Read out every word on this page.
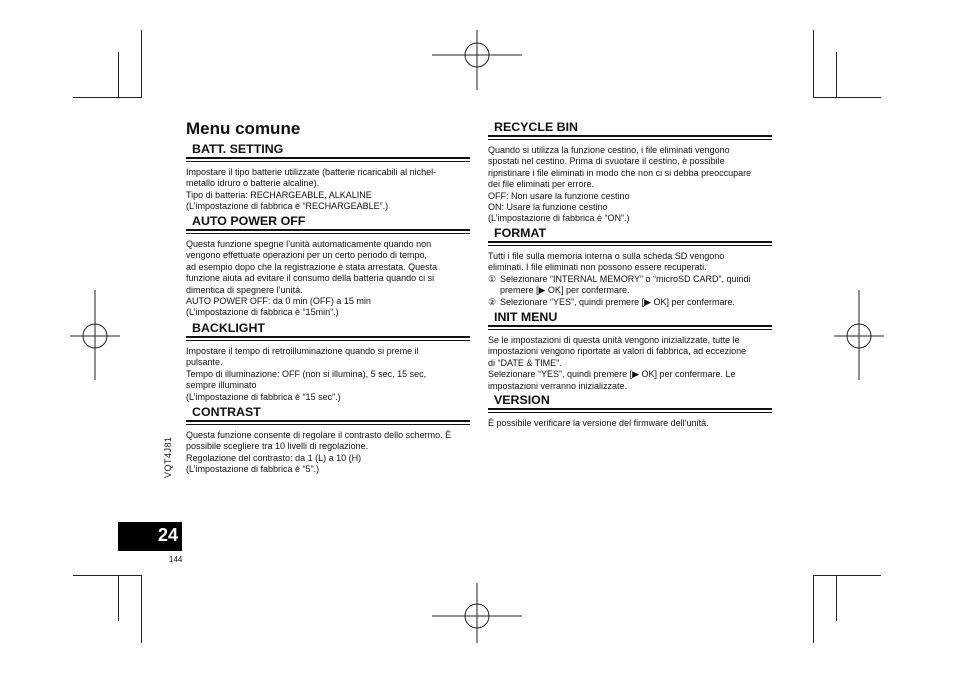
Menu comune
BATT. SETTING

Impostare il tipo batterie utilizzate (batterie ricaricabili al nichel-

metallo idruro o batterie alcaline).

Tipo di batteria: RECHARGEABLE, ALKALINE

(L’impostazione di fabbrica è “RECHARGEABLE”.)

AUTO POWER OFF

Questa funzione spegne l’unità automaticamente quando non

vengono effettuate operazioni per un certo periodo di tempo,

ad esempio dopo che la registrazione è stata arrestata. Questa

funzione aiuta ad evitare il consumo della batteria quando ci si

dimentica di spegnere l’unità.

AUTO POWER OFF: da 0 min (OFF) a 15 min

(L’impostazione di fabbrica è “15min”.)

BACKLIGHT

Impostare il tempo di retroilluminazione quando si preme il

pulsante.

Tempo di illuminazione: OFF (non si illumina), 5 sec, 15 sec,

sempre illuminato

(L’impostazione di fabbrica è “15 sec”.)

CONTRAST

Questa funzione consente di regolare il contrasto dello schermo. È

possibile scegliere tra 10 livelli di regolazione.

Regolazione del contrasto: da 1 (L) a 10 (H)

(L’impostazione di fabbrica è “5”.)

RECYCLE BIN

Quando si utilizza la funzione cestino, i file eliminati vengono

spostati nel cestino. Prima di svuotare il cestino, è possibile

ripristinare i file eliminati in modo che non ci si debba preoccupare

dei file eliminati per errore.

OFF: Non usare la funzione cestino

ON: Usare la funzione cestino

(L’impostazione di fabbrica è “ON”.)

FORMAT

Tutti i file sulla memoria interna o sulla scheda SD vengono

eliminati. I file eliminati non possono essere recuperati.

① Selezionare “INTERNAL MEMORY” o “microSD CARD”, quindi premere [▶ OK] per confermare.

② Selezionare “YES”, quindi premere [▶ OK] per confermare.

INIT MENU

Se le impostazioni di questa unità vengono inizializzate, tutte le

impostazioni vengono riportate ai valori di fabbrica, ad eccezione

di “DATE & TIME”.

Selezionare “YES”, quindi premere [▶ OK] per confermare. Le

impostazioni verranno inizializzate.

VERSION

È possibile verificare la versione del firmware dell’unità.

VQT4J81
24
144
